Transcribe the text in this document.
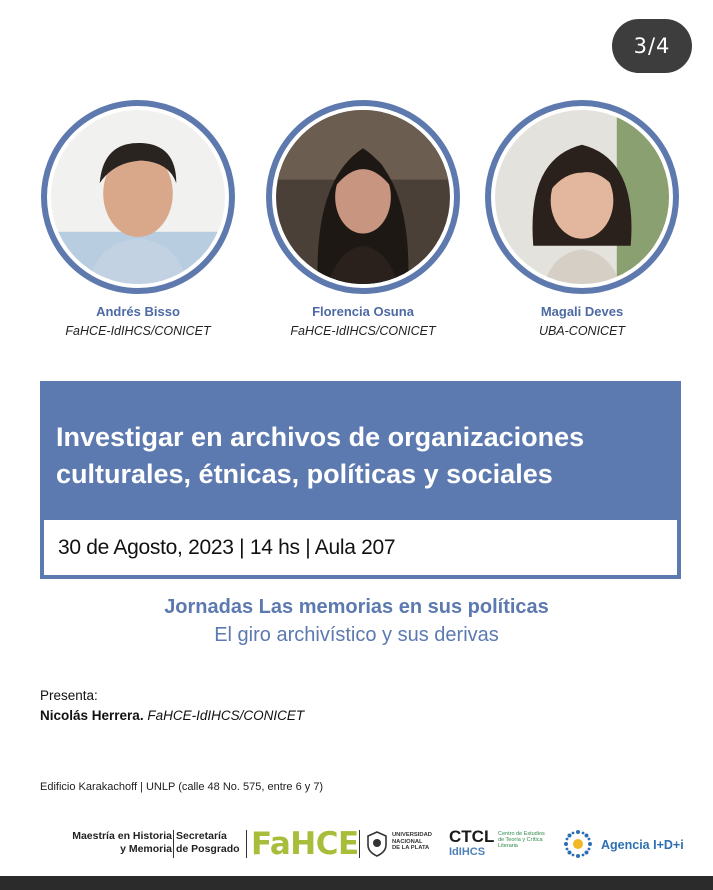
3/4
Andrés Bisso
FaHCE-IdIHCS/CONICET
Florencia Osuna
FaHCE-IdIHCS/CONICET
Magali Deves
UBA-CONICET
Investigar en archivos de organizaciones
culturales, étnicas, políticas y sociales
30 de Agosto, 2023 | 14 hs | Aula 207
Jornadas Las memorias en sus políticas
El giro archivístico y sus derivas
Presenta:
Nicolás Herrera. FaHCE-IdIHCS/CONICET
Edificio Karakachoff | UNLP (calle 48 No. 575, entre 6 y 7)
Maestría en Historia
y Memoria
Secretaría
de Posgrado FaHCE	UNIVERSIDAD
NACIONAL
DE LA PLATA
CTCL
IdIHCS
Centro de Estudios
de Teoría y Crítica
Literaria	Agencia I+D+i
